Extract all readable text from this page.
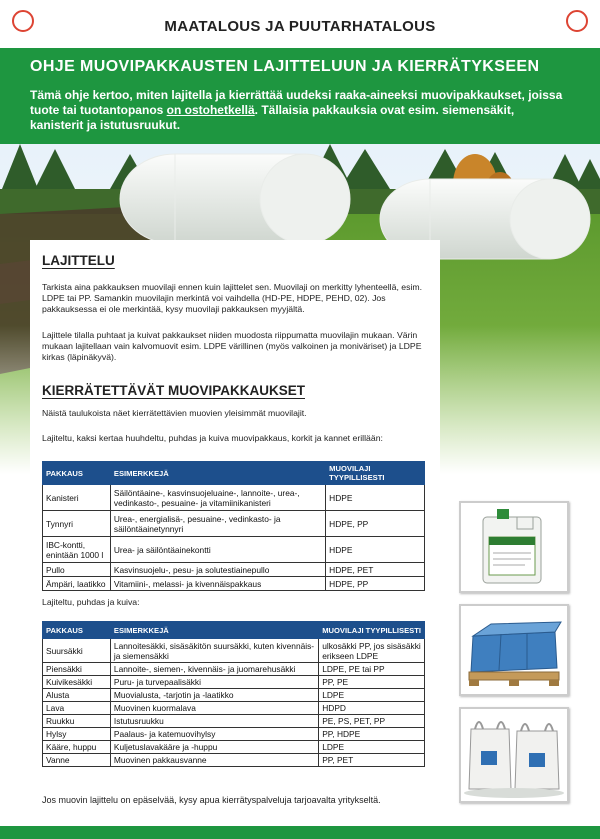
MAATALOUS JA PUUTARHATALOUS
OHJE MUOVIPAKKAUSTEN LAJITTELUUN JA KIERRÄTYKSEEN

Tämä ohje kertoo, miten lajitella ja kierrättää uudeksi raaka-aineeksi muovipakkaukset, joissa tuote tai tuotantopanos on ostohetkellä. Tällaisia pakkauksia ovat esim. siemensäkit, kanisterit ja istutusruukut.

LAJITTELU
Tarkista aina pakkauksen muovilaji ennen kuin lajittelet sen. Muovilaji on merkitty lyhenteellä, esim. LDPE tai PP. Samankin muovilajin merkintä voi vaihdella (HD-PE, HDPE, PEHD, 02). Jos pakkauksessa ei ole merkintää, kysy muovilaji pakkauksen myyjältä.
Lajittele tilalla puhtaat ja kuivat pakkaukset niiden muodosta riippumatta muovilajin mukaan. Värin mukaan lajitellaan vain kalvomuovit esim. LDPE värillinen (myös valkoinen ja moniväriset) ja LDPE kirkas (läpinäkyvä).
KIERRÄTETTÄVÄT MUOVIPAKKAUKSET
Näistä taulukoista näet kierrätettävien muovien yleisimmät muovilajit.
Lajiteltu, kaksi kertaa huuhdeltu, puhdas ja kuiva muovipakkaus, korkit ja kannet erillään:
PAKKAUS	ESIMERKKEJÄ	MUOVILAJI TYYPILLISESTI
Kanisteri	Säilöntäaine-, kasvinsuojeluaine-, lannoite-, urea-, vedinkasto-, pesuaine- ja vitamiinikanisteri	HDPE
Tynnyri	Urea-, energialisä-, pesuaine-, vedinkasto- ja säilöntäainetynnyri	HDPE, PP
IBC-kontti, enintään 1000 l	Urea- ja säilöntäainekontti	HDPE
Pullo	Kasvinsuojelu-, pesu- ja solutestiainepullo	HDPE, PET
Ämpäri, laatikko	Vitamiini-, melassi- ja kivennäispakkaus	HDPE, PP
Lajiteltu, puhdas ja kuiva:
PAKKAUS	ESIMERKKEJÄ	MUOVILAJI TYYPILLISESTI
Suursäkki	Lannoitesäkki, sisäsäkitön suursäkki, kuten kivennäis- ja siemensäkki	ulkosäkki PP, jos sisäsäkki erikseen LDPE
Piensäkki	Lannoite-, siemen-, kivennäis- ja juomarehusäkki	LDPE, PE tai PP
Kuivikesäkki	Puru- ja turvepaalisäkki	PP, PE
Alusta	Muovialusta, -tarjotin ja -laatikko	LDPE
Lava	Muovinen kuormalava	HDPD
Ruukku	Istutusruukku	PE, PS, PET, PP
Hylsy	Paalaus- ja katemuovihylsy	PP, HDPE
Kääre, huppu	Kuljetuslavakääre ja -huppu	LDPE
Vanne	Muovinen pakkausvanne	PP, PET
Jos muovin lajittelu on epäselvää, kysy apua kierrätyspalveluja tarjoavalta yritykseltä.
